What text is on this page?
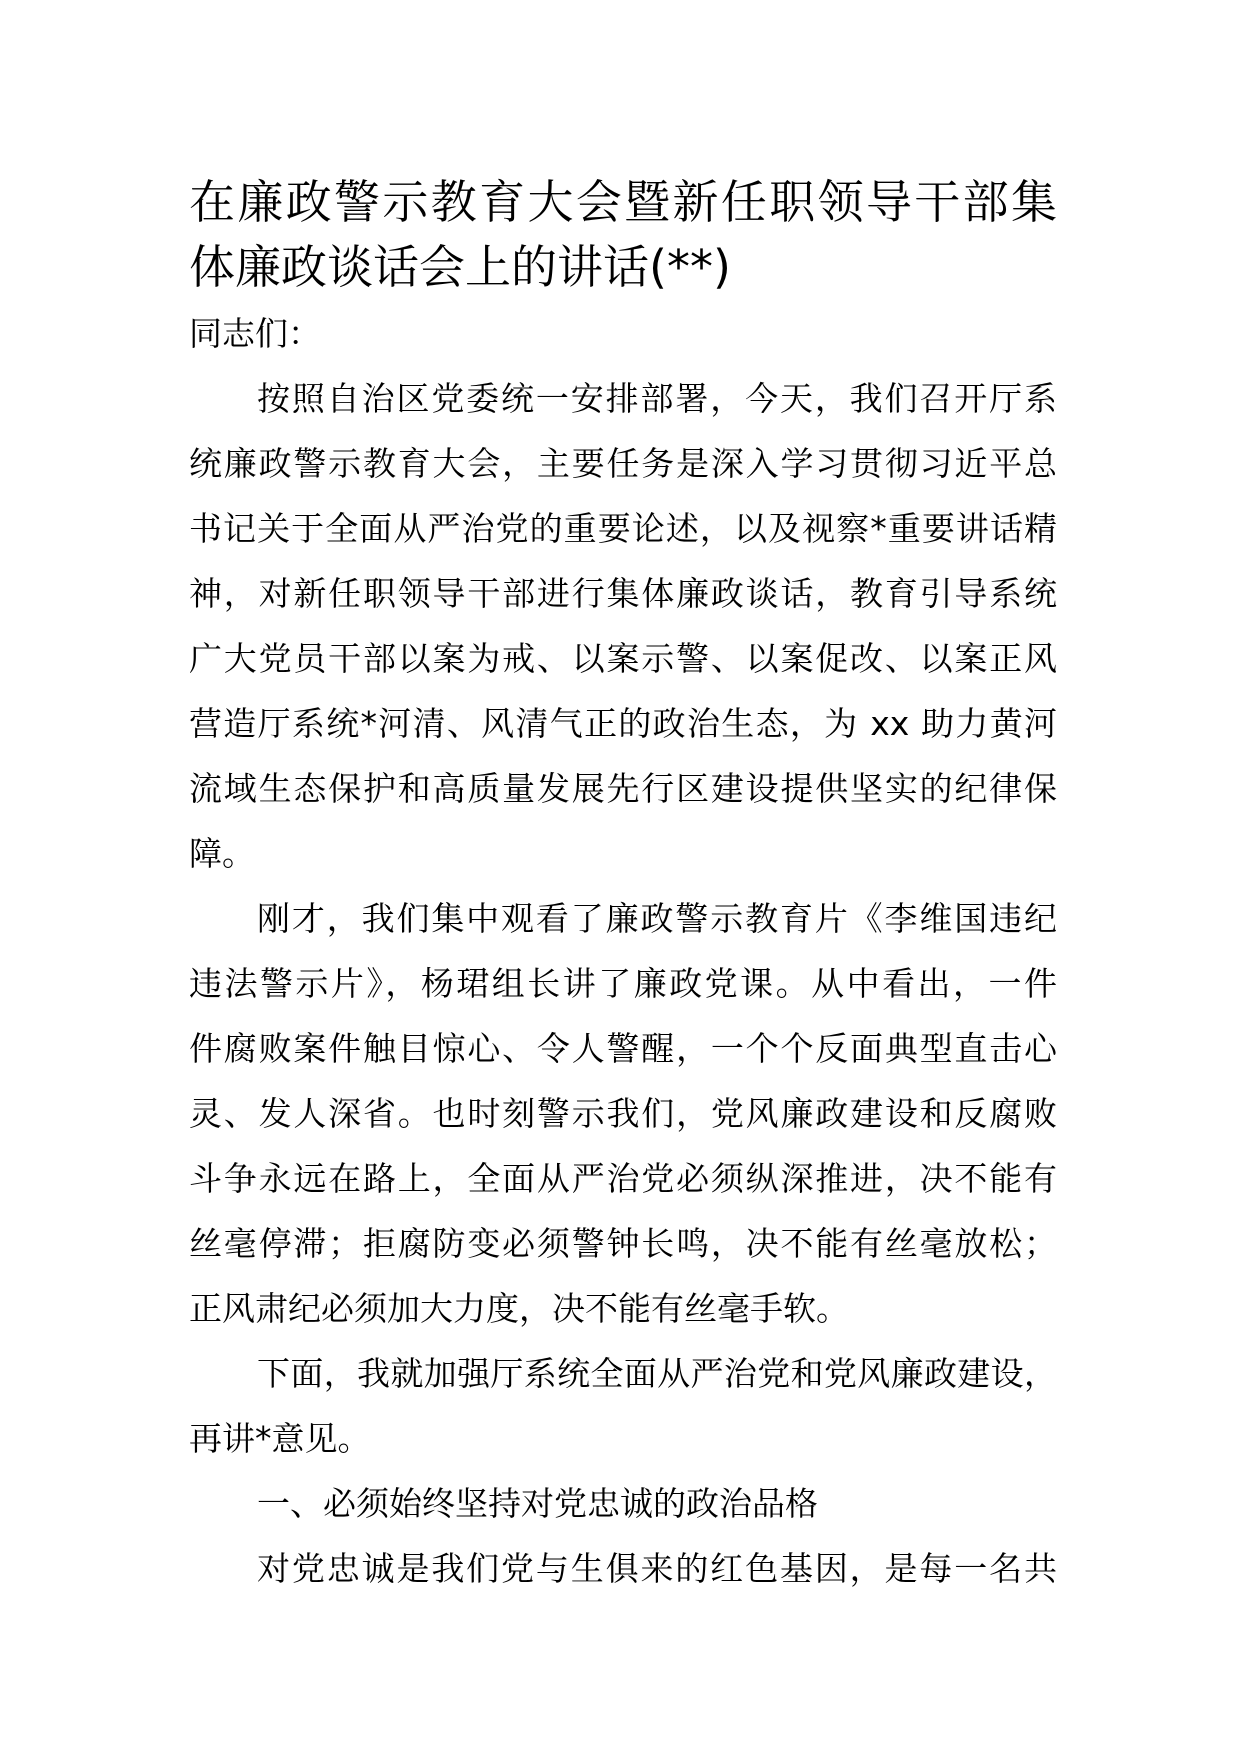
在廉政警示教育大会暨新任职领导干部集
体廉政谈话会上的讲话(**)
同志们：
按照自治区党委统一安排部署，今天，我们召开厅系
统廉政警示教育大会，主要任务是深入学习贯彻习近平总
书记关于全面从严治党的重要论述，以及视察*重要讲话精
神，对新任职领导干部进行集体廉政谈话，教育引导系统
广大党员干部以案为戒、以案示警、以案促改、以案正风
营造厅系统*河清、风清气正的政治生态，为 xx 助力黄河
流域生态保护和高质量发展先行区建设提供坚实的纪律保
障。
刚才，我们集中观看了廉政警示教育片《李维国违纪
违法警示片》，杨珺组长讲了廉政党课。从中看出，一件
件腐败案件触目惊心、令人警醒，一个个反面典型直击心
灵、发人深省。也时刻警示我们，党风廉政建设和反腐败
斗争永远在路上，全面从严治党必须纵深推进，决不能有
丝毫停滞；拒腐防变必须警钟长鸣，决不能有丝毫放松；
正风肃纪必须加大力度，决不能有丝毫手软。
下面，我就加强厅系统全面从严治党和党风廉政建设，
再讲*意见。
一、必须始终坚持对党忠诚的政治品格
对党忠诚是我们党与生俱来的红色基因，是每一名共
